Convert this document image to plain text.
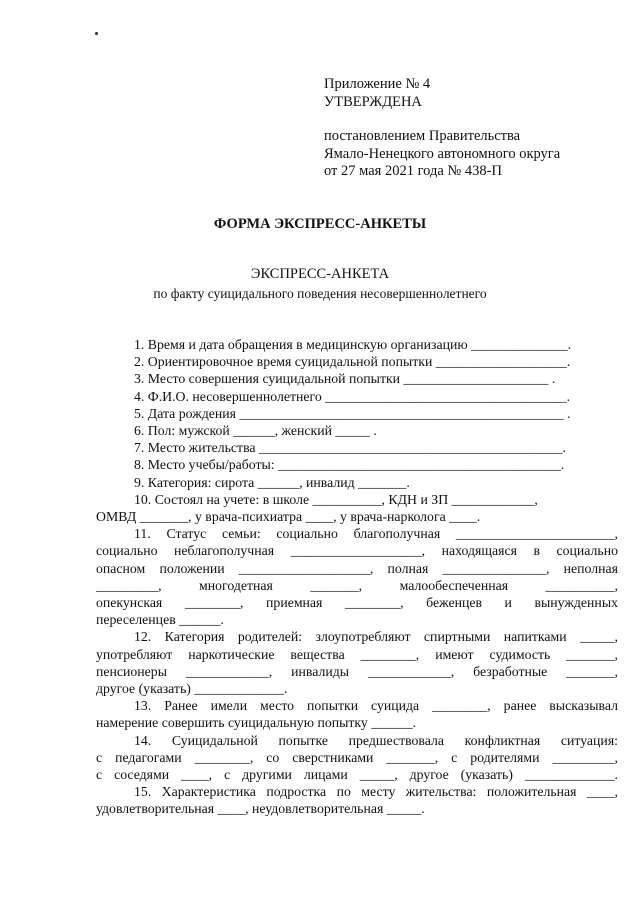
Приложение № 4
УТВЕРЖДЕНА
постановлением Правительства
Ямало-Ненецкого автономного округа
от 27 мая 2021 года № 438-П
ФОРМА ЭКСПРЕСС-АНКЕТЫ
ЭКСПРЕСС-АНКЕТА
по факту суицидального поведения несовершеннолетнего
1. Время и дата обращения в медицинскую организацию ______________.
2. Ориентировочное время суицидальной попытки ___________________.
3. Место совершения суицидальной попытки _____________________ .
4. Ф.И.О. несовершеннолетнего ___________________________________.
5. Дата рождения _______________________________________________ .
6. Пол: мужской ______, женский _____ .
7. Место жительства ____________________________________________.
8. Место учебы/работы: _________________________________________.
9. Категория: сирота ______, инвалид _______.
10. Состоял на учете: в школе __________, КДН и ЗП ____________,
ОМВД _______, у врача-психиатра ____, у врача-нарколога ____.
11. Статус семьи: социально благополучная _______________________,
социально неблагополучная ___________________, находящаяся в социально
опасном положении ___________________, полная _______________, неполная
_________, многодетная _______, малообеспеченная __________,
опекунская ________, приемная ________, беженцев и вынужденных
переселенцев ______.
12. Категория родителей: злоупотребляют спиртными напитками _____,
употребляют наркотические вещества ________, имеют судимость _______,
пенсионеры ____________, инвалиды ____________, безработные _______,
другое (указать) _____________.
13. Ранее имели место попытки суицида ________, ранее высказывал
намерение совершить суицидальную попытку ______.
14. Суицидальной попытке предшествовала конфликтная ситуация:
с педагогами ________, со сверстниками _______, с родителями _________,
с соседями ____, с другими лицами _____, другое (указать) _____________.
15. Характеристика подростка по месту жительства: положительная ____,
удовлетворительная ____, неудовлетворительная _____.
